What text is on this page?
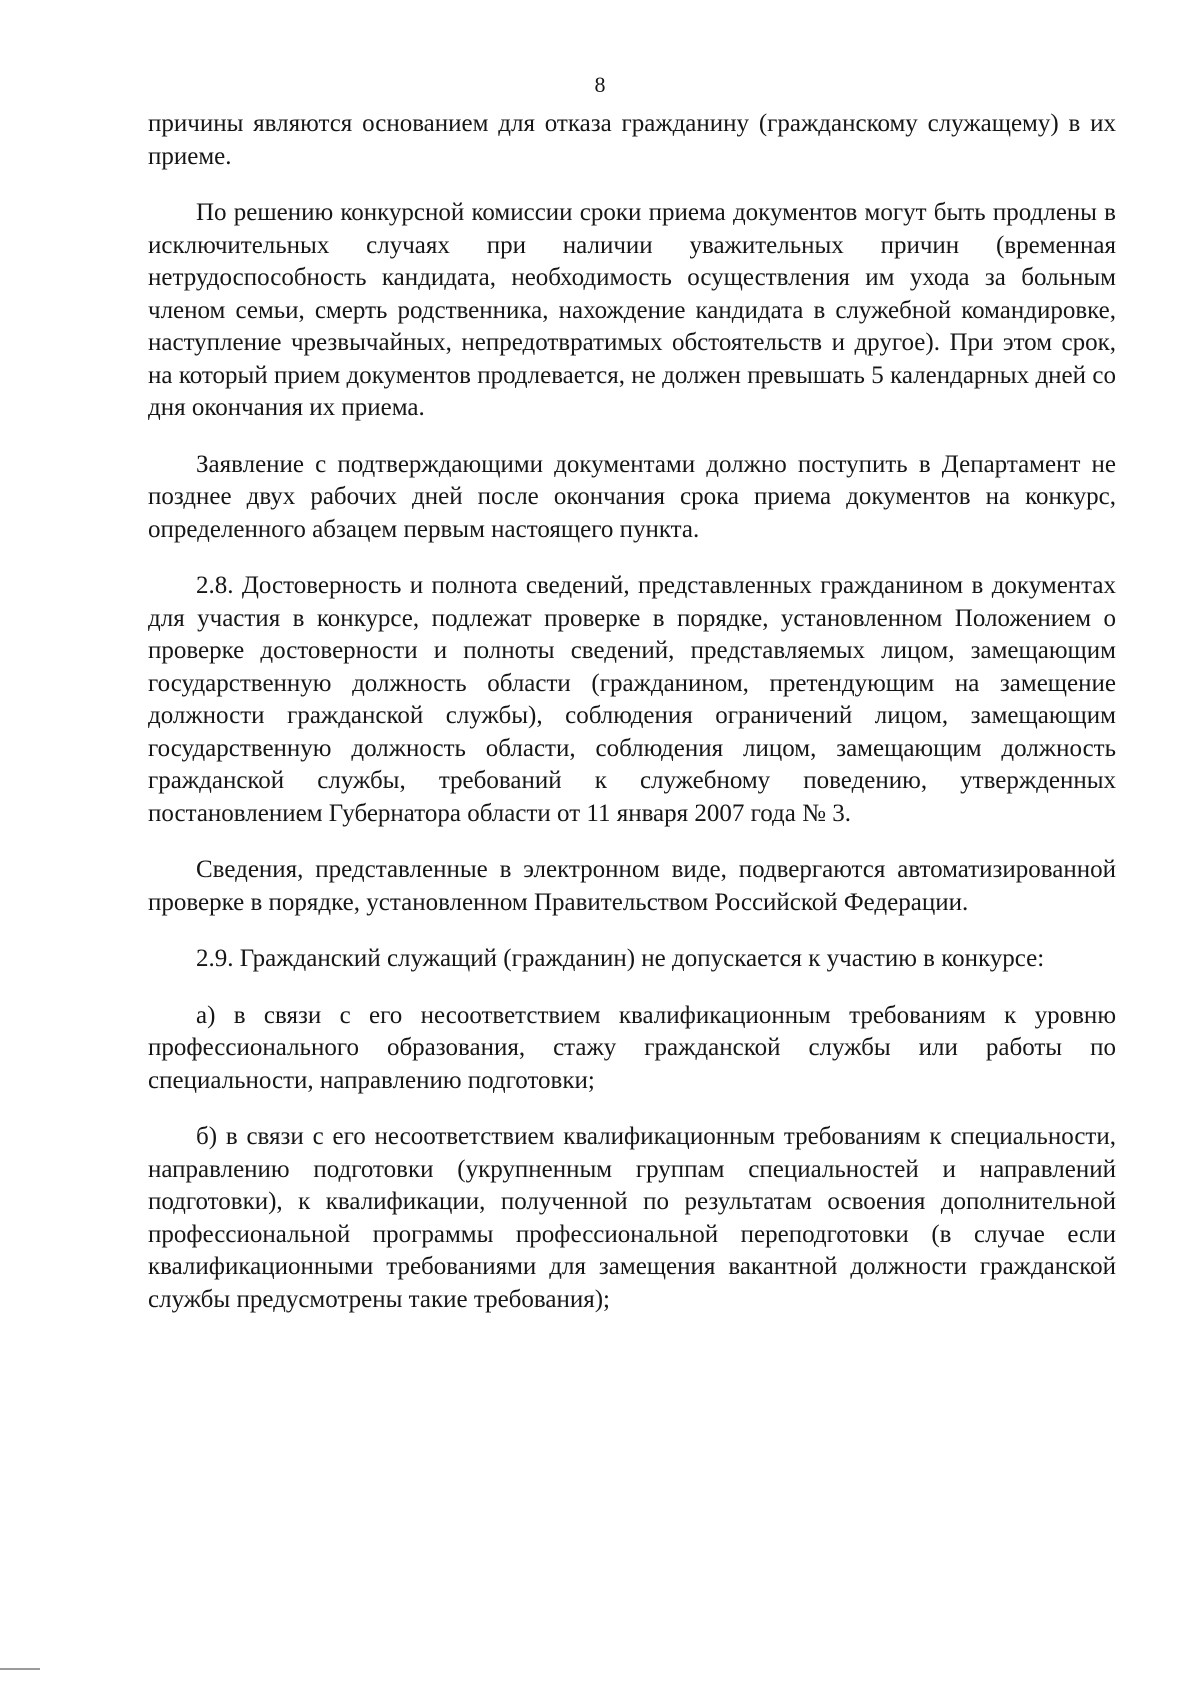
8

причины являются основанием для отказа гражданину (гражданскому служащему) в их приеме.

По решению конкурсной комиссии сроки приема документов могут быть продлены в исключительных случаях при наличии уважительных причин (временная нетрудоспособность кандидата, необходимость осуществления им ухода за больным членом семьи, смерть родственника, нахождение кандидата в служебной командировке, наступление чрезвычайных, непредотвратимых обстоятельств и другое). При этом срок, на который прием документов продлевается, не должен превышать 5 календарных дней со дня окончания их приема.

Заявление с подтверждающими документами должно поступить в Департамент не позднее двух рабочих дней после окончания срока приема документов на конкурс, определенного абзацем первым настоящего пункта.

2.8. Достоверность и полнота сведений, представленных гражданином в документах для участия в конкурсе, подлежат проверке в порядке, установленном Положением о проверке достоверности и полноты сведений, представляемых лицом, замещающим государственную должность области (гражданином, претендующим на замещение должности гражданской службы), соблюдения ограничений лицом, замещающим государственную должность области, соблюдения лицом, замещающим должность гражданской службы, требований к служебному поведению, утвержденных постановлением Губернатора области от 11 января 2007 года № 3.

Сведения, представленные в электронном виде, подвергаются автоматизированной проверке в порядке, установленном Правительством Российской Федерации.

2.9. Гражданский служащий (гражданин) не допускается к участию в конкурсе:

а) в связи с его несоответствием квалификационным требованиям к уровню профессионального образования, стажу гражданской службы или работы по специальности, направлению подготовки;

б) в связи с его несоответствием квалификационным требованиям к специальности, направлению подготовки (укрупненным группам специальностей и направлений подготовки), к квалификации, полученной по результатам освоения дополнительной профессиональной программы профессиональной переподготовки (в случае если квалификационными требованиями для замещения вакантной должности гражданской службы предусмотрены такие требования);
